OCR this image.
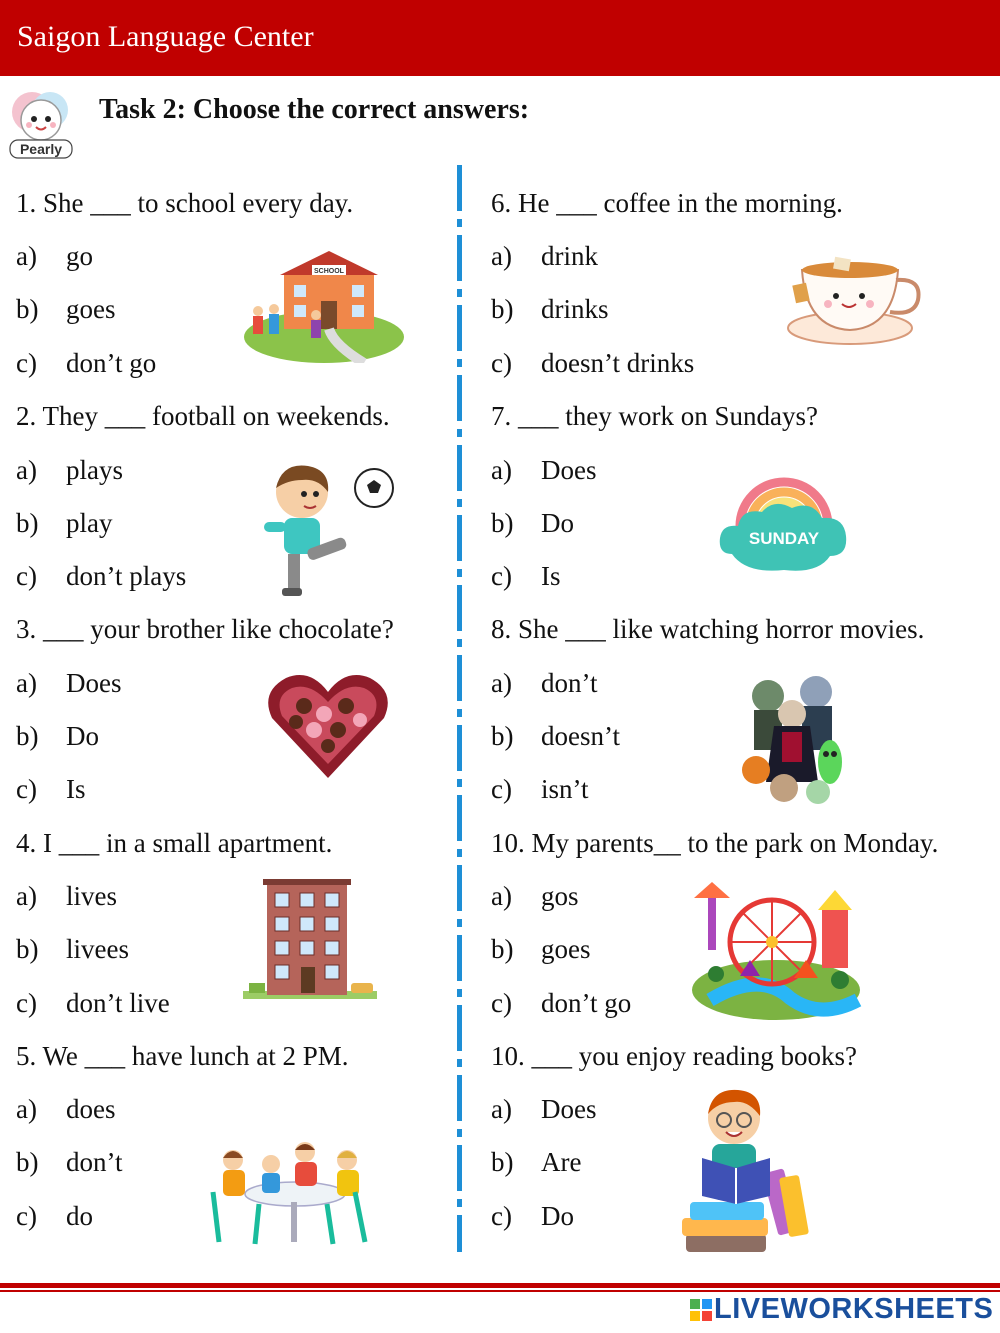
Saigon Language Center
Pearly
Task 2: Choose the correct answers:
1. She ___ to school every day.
a) go
b) goes
c) don’t go
SCHOOL
2. They ___ football on weekends.
a) plays
b) play
c) don’t plays
3. ___ your brother like chocolate?
a) Does
b) Do
c) Is
4. I ___ in a small apartment.
a) lives
b) livees
c) don’t live
5. We ___ have lunch at 2 PM.
a) does
b) don’t
c) do
6. He ___ coffee in the morning.
a) drink
b) drinks
c) doesn’t drinks
7. ___ they work on Sundays?
a) Does
b) Do
c) Is
SUNDAY
8. She ___ like watching horror movies.
a) don’t
b) doesn’t
c) isn’t
10. My parents__ to the park on Monday.
a) gos
b) goes
c) don’t go
10. ___ you enjoy reading books?
a) Does
b) Are
c) Do
LIVEWORKSHEETS
